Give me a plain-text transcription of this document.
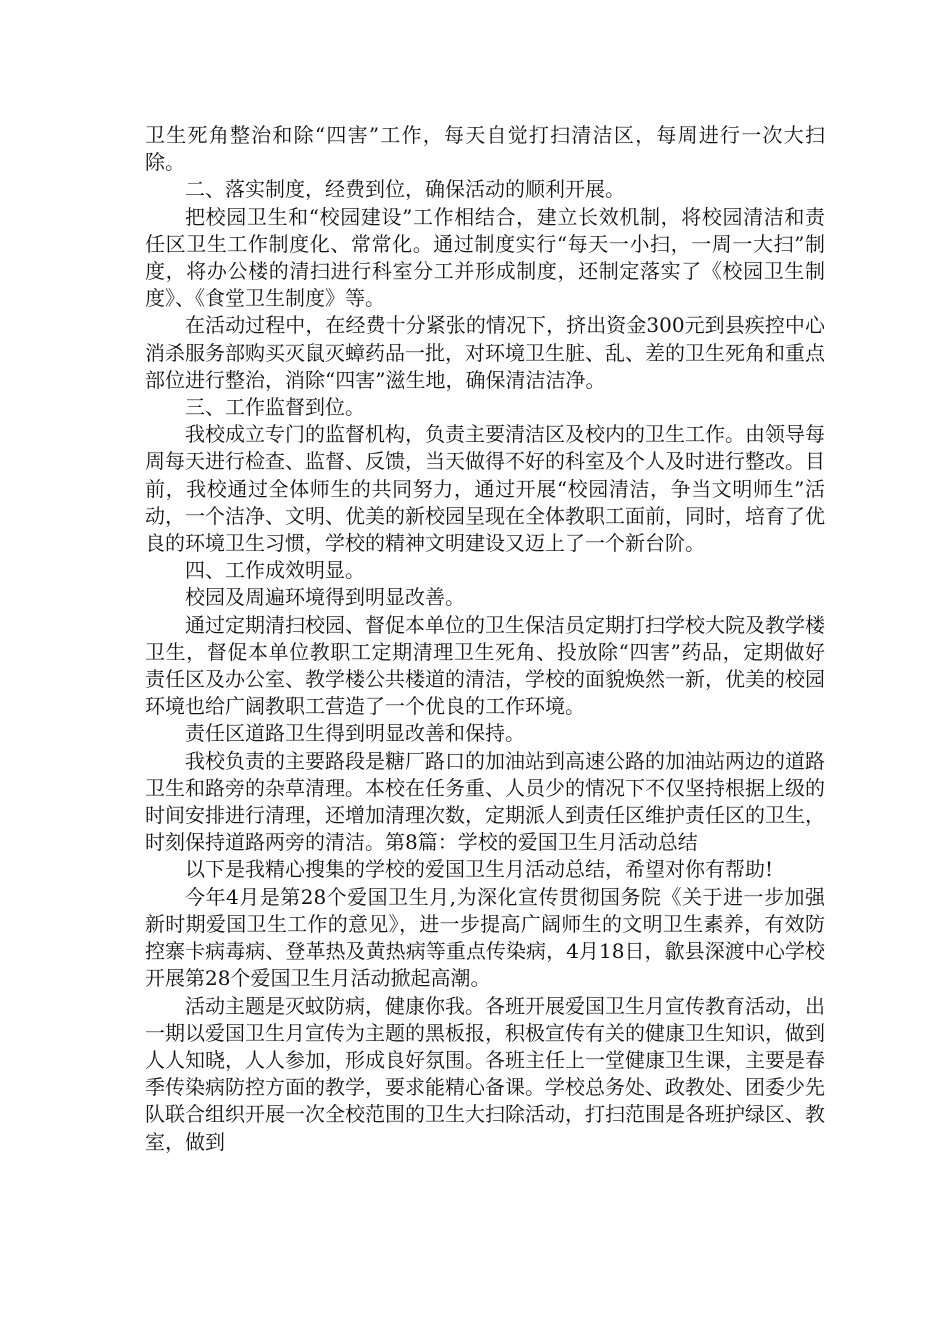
卫生死角整治和除“四害”工作，每天自觉打扫清洁区，每周进行一次大扫除。

二、落实制度，经费到位，确保活动的顺利开展。

把校园卫生和“校园建设”工作相结合，建立长效机制，将校园清洁和责任区卫生工作制度化、常常化。通过制度实行“每天一小扫，一周一大扫”制度，将办公楼的清扫进行科室分工并形成制度，还制定落实了《校园卫生制度》、《食堂卫生制度》等。

在活动过程中，在经费十分紧张的情况下，挤出资金300元到县疾控中心消杀服务部购买灭鼠灭蟑药品一批，对环境卫生脏、乱、差的卫生死角和重点部位进行整治，消除“四害”滋生地，确保清洁洁净。

三、工作监督到位。

我校成立专门的监督机构，负责主要清洁区及校内的卫生工作。由领导每周每天进行检查、监督、反馈，当天做得不好的科室及个人及时进行整改。目前，我校通过全体师生的共同努力，通过开展“校园清洁，争当文明师生”活动，一个洁净、文明、优美的新校园呈现在全体教职工面前，同时，培育了优良的环境卫生习惯，学校的精神文明建设又迈上了一个新台阶。

四、工作成效明显。

校园及周遍环境得到明显改善。

通过定期清扫校园、督促本单位的卫生保洁员定期打扫学校大院及教学楼卫生，督促本单位教职工定期清理卫生死角、投放除“四害”药品，定期做好责任区及办公室、教学楼公共楼道的清洁，学校的面貌焕然一新，优美的校园环境也给广阔教职工营造了一个优良的工作环境。

责任区道路卫生得到明显改善和保持。

我校负责的主要路段是糖厂路口的加油站到高速公路的加油站两边的道路卫生和路旁的杂草清理。本校在任务重、人员少的情况下不仅坚持根据上级的时间安排进行清理，还增加清理次数，定期派人到责任区维护责任区的卫生，时刻保持道路两旁的清洁。第8篇：学校的爱国卫生月活动总结

以下是我精心搜集的学校的爱国卫生月活动总结，希望对你有帮助!

今年4月是第28个爱国卫生月,为深化宣传贯彻国务院《关于进一步加强新时期爱国卫生工作的意见》，进一步提高广阔师生的文明卫生素养，有效防控寨卡病毒病、登革热及黄热病等重点传染病，4月18日，歙县深渡中心学校开展第28个爱国卫生月活动掀起高潮。

活动主题是灭蚊防病，健康你我。各班开展爱国卫生月宣传教育活动，出一期以爱国卫生月宣传为主题的黑板报，积极宣传有关的健康卫生知识，做到人人知晓，人人参加，形成良好氛围。各班主任上一堂健康卫生课，主要是春季传染病防控方面的教学，要求能精心备课。学校总务处、政教处、团委少先队联合组织开展一次全校范围的卫生大扫除活动，打扫范围是各班护绿区、教室，做到
